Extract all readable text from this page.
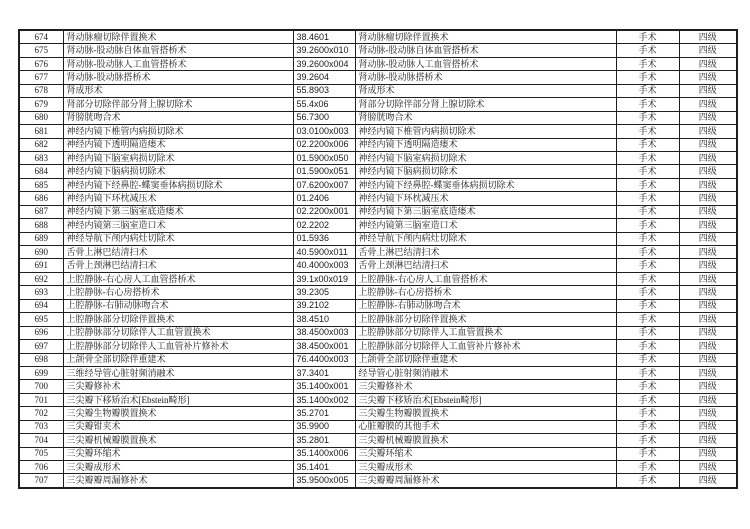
674	肾动脉瘤切除伴置换术	38.4601	肾动脉瘤切除伴置换术	手术	四级
675	肾动脉-股动脉自体血管搭桥术	39.2600x010	肾动脉-股动脉自体血管搭桥术	手术	四级
676	肾动脉-股动脉人工血管搭桥术	39.2600x004	肾动脉-股动脉人工血管搭桥术	手术	四级
677	肾动脉-股动脉搭桥术	39.2604	肾动脉-股动脉搭桥术	手术	四级
678	肾成形术	55.8903	肾成形术	手术	四级
679	肾部分切除伴部分肾上腺切除术	55.4x06	肾部分切除伴部分肾上腺切除术	手术	四级
680	肾膀胱吻合术	56.7300	肾膀胱吻合术	手术	四级
681	神经内镜下椎管内病损切除术	03.0100x003	神经内镜下椎管内病损切除术	手术	四级
682	神经内镜下透明隔造瘘术	02.2200x006	神经内镜下透明隔造瘘术	手术	四级
683	神经内镜下脑室病损切除术	01.5900x050	神经内镜下脑室病损切除术	手术	四级
684	神经内镜下脑病损切除术	01.5900x051	神经内镜下脑病损切除术	手术	四级
685	神经内镜下经鼻腔-蝶窦垂体病损切除术	07.6200x007	神经内镜下经鼻腔-蝶窦垂体病损切除术	手术	四级
686	神经内镜下环枕减压术	01.2406	神经内镜下环枕减压术	手术	四级
687	神经内镜下第三脑室底造瘘术	02.2200x001	神经内镜下第三脑室底造瘘术	手术	四级
688	神经内镜第三脑室造口术	02.2202	神经内镜第三脑室造口术	手术	四级
689	神经导航下颅内病灶切除术	01.5936	神经导航下颅内病灶切除术	手术	四级
690	舌骨上淋巴结清扫术	40.5900x011	舌骨上淋巴结清扫术	手术	四级
691	舌骨上颈淋巴结清扫术	40.4000x003	舌骨上颈淋巴结清扫术	手术	四级
692	上腔静脉-右心房人工血管搭桥术	39.1x00x019	上腔静脉-右心房人工血管搭桥术	手术	四级
693	上腔静脉-右心房搭桥术	39.2305	上腔静脉-右心房搭桥术	手术	四级
694	上腔静脉-右肺动脉吻合术	39.2102	上腔静脉-右肺动脉吻合术	手术	四级
695	上腔静脉部分切除伴置换术	38.4510	上腔静脉部分切除伴置换术	手术	四级
696	上腔静脉部分切除伴人工血管置换术	38.4500x003	上腔静脉部分切除伴人工血管置换术	手术	四级
697	上腔静脉部分切除伴人工血管补片修补术	38.4500x001	上腔静脉部分切除伴人工血管补片修补术	手术	四级
698	上颌骨全部切除伴重建术	76.4400x003	上颌骨全部切除伴重建术	手术	四级
699	三维经导管心脏射频消融术	37.3401	经导管心脏射频消融术	手术	四级
700	三尖瓣修补术	35.1400x001	三尖瓣修补术	手术	四级
701	三尖瓣下移矫治术[Ebstein畸形]	35.1400x002	三尖瓣下移矫治术[Ebstein畸形]	手术	四级
702	三尖瓣生物瓣膜置换术	35.2701	三尖瓣生物瓣膜置换术	手术	四级
703	三尖瓣钳夹术	35.9900	心脏瓣膜的其他手术	手术	四级
704	三尖瓣机械瓣膜置换术	35.2801	三尖瓣机械瓣膜置换术	手术	四级
705	三尖瓣环缩术	35.1400x006	三尖瓣环缩术	手术	四级
706	三尖瓣成形术	35.1401	三尖瓣成形术	手术	四级
707	三尖瓣瓣周漏修补术	35.9500x005	三尖瓣瓣周漏修补术	手术	四级
